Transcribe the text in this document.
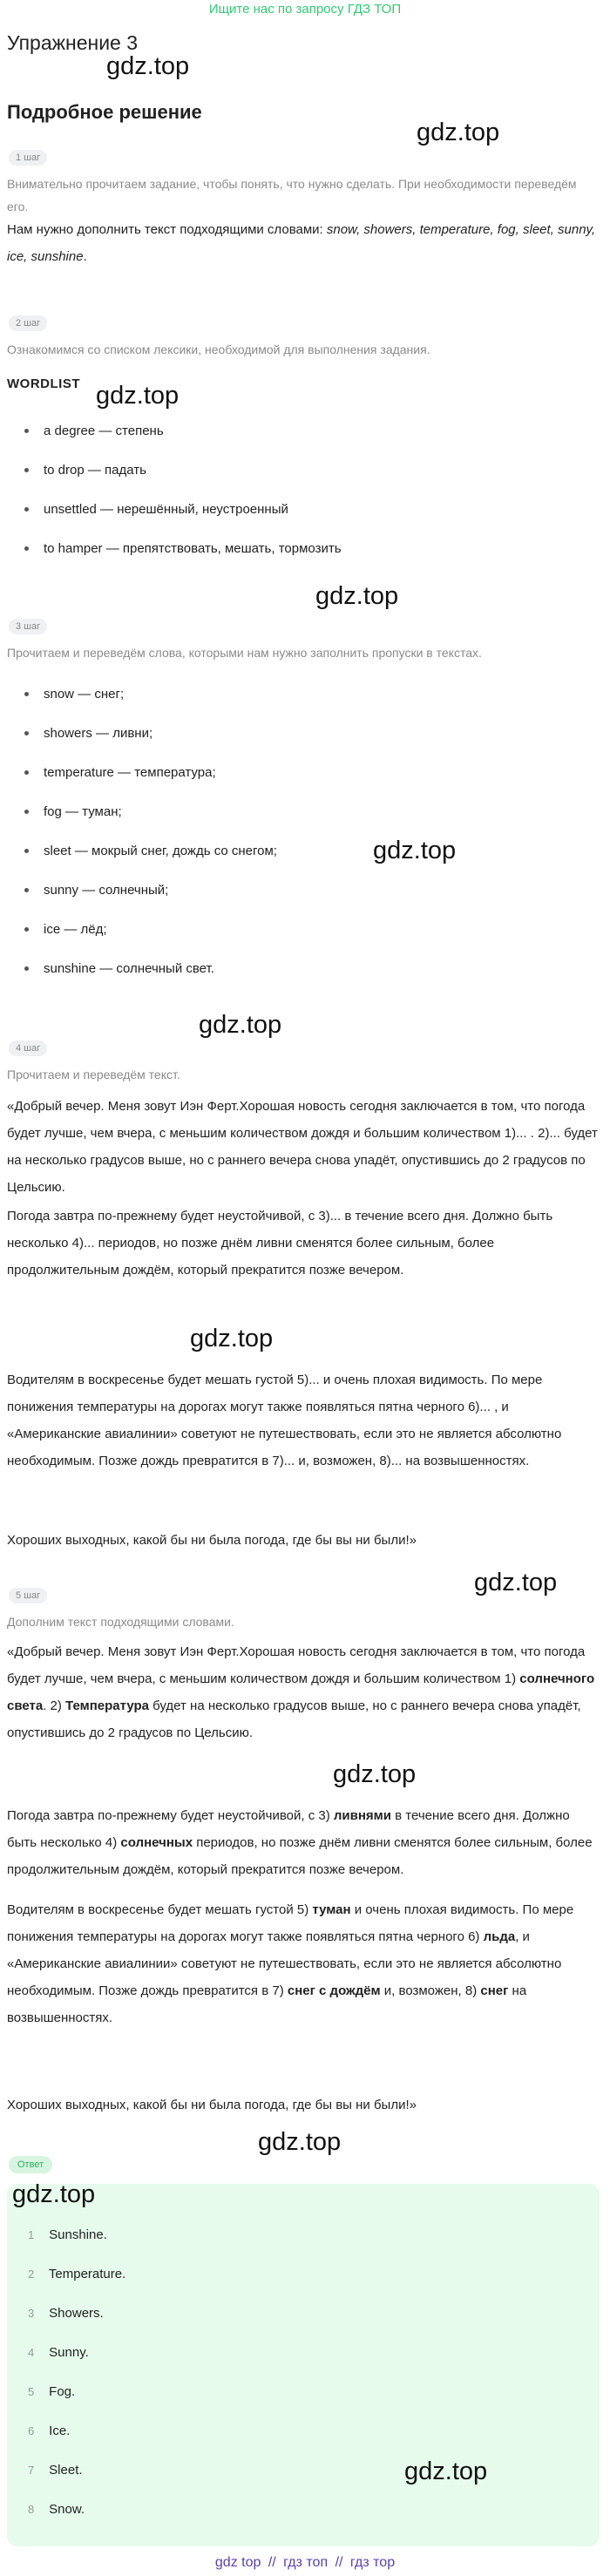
Ищите нас по запросу ГДЗ ТОП
Упражнение 3
gdz.top
Подробное решение
gdz.top
1 шаг
Внимательно прочитаем задание, чтобы понять, что нужно сделать. При необходимости переведём его.
Нам нужно дополнить текст подходящими словами: snow, showers, temperature, fog, sleet, sunny, ice, sunshine.
2 шаг
Ознакомимся со списком лексики, необходимой для выполнения задания.
WORDLIST gdz.top
a degree — степень
to drop — падать
unsettled — нерешённый, неустроенный
to hamper — препятствовать, мешать, тормозить
gdz.top
3 шаг
Прочитаем и переведём слова, которыми нам нужно заполнить пропуски в текстах.
snow — снег;
showers — ливни;
temperature — температура;
fog — туман;
sleet — мокрый снег, дождь со снегом;
sunny — солнечный;
ice — лёд;
sunshine — солнечный свет.
gdz.top
gdz.top
4 шаг
Прочитаем и переведём текст.
«Добрый вечер. Меня зовут Иэн Ферт.Хорошая новость сегодня заключается в том, что погода будет лучше, чем вчера, с меньшим количеством дождя и большим количеством 1)... . 2)... будет на несколько градусов выше, но с раннего вечера снова упадёт, опустившись до 2 градусов по Цельсию.
Погода завтра по-прежнему будет неустойчивой, с 3)... в течение всего дня. Должно быть несколько 4)... периодов, но позже днём ливни сменятся более сильным, более продолжительным дождём, который прекратится позже вечером.
gdz.top
Водителям в воскресенье будет мешать густой 5)... и очень плохая видимость. По мере понижения температуры на дорогах могут также появляться пятна черного 6)... , и «Американские авиалинии» советуют не путешествовать, если это не является абсолютно необходимым. Позже дождь превратится в 7)... и, возможен, 8)... на возвышенностях.
Хороших выходных, какой бы ни была погода, где бы вы ни были!»
gdz.top
5 шаг
Дополним текст подходящими словами.
«Добрый вечер. Меня зовут Иэн Ферт.Хорошая новость сегодня заключается в том, что погода будет лучше, чем вчера, с меньшим количеством дождя и большим количеством 1) солнечного света. 2) Температура будет на несколько градусов выше, но с раннего вечера снова упадёт, опустившись до 2 градусов по Цельсию.
gdz.top
Погода завтра по-прежнему будет неустойчивой, с 3) ливнями в течение всего дня. Должно быть несколько 4) солнечных периодов, но позже днём ливни сменятся более сильным, более продолжительным дождём, который прекратится позже вечером.
Водителям в воскресенье будет мешать густой 5) туман и очень плохая видимость. По мере понижения температуры на дорогах могут также появляться пятна черного 6) льда, и «Американские авиалинии» советуют не путешествовать, если это не является абсолютно необходимым. Позже дождь превратится в 7) снег с дождём и, возможен, 8) снег на возвышенностях.
Хороших выходных, какой бы ни была погода, где бы вы ни были!»
gdz.top
Ответ
gdz.top
1 Sunshine.
2 Temperature.
3 Showers.
4 Sunny.
5 Fog.
6 Ice.
7 Sleet.
8 Snow.
gdz.top
gdz top // гдз топ // гдз тор
